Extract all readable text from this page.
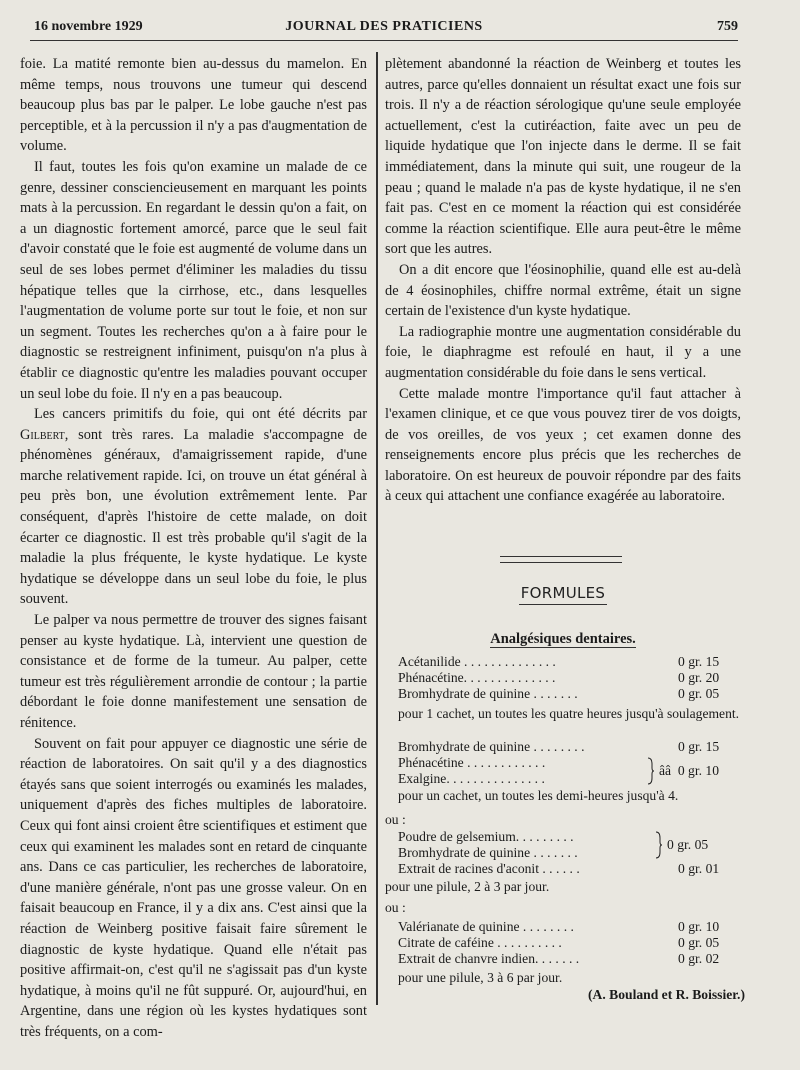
16 novembre 1929	JOURNAL DES PRATICIENS	759

foie. La matité remonte bien au-dessus du mamelon. En même temps, nous trouvons une tumeur qui descend beaucoup plus bas par le palper. Le lobe gauche n'est pas perceptible, et à la percussion il n'y a pas d'augmentation de volume.

Il faut, toutes les fois qu'on examine un malade de ce genre, dessiner consciencieusement en marquant les points mats à la percussion. En regardant le dessin qu'on a fait, on a un diagnostic fortement amorcé, parce que le seul fait d'avoir constaté que le foie est augmenté de volume dans un seul de ses lobes permet d'éliminer les maladies du tissu hépatique telles que la cirrhose, etc., dans lesquelles l'augmentation de volume porte sur tout le foie, et non sur un segment. Toutes les recherches qu'on a à faire pour le diagnostic se restreignent infiniment, puisqu'on n'a plus à établir ce diagnostic qu'entre les maladies pouvant occuper un seul lobe du foie. Il n'y en a pas beaucoup.

Les cancers primitifs du foie, qui ont été décrits par Gilbert, sont très rares. La maladie s'accompagne de phénomènes généraux, d'amaigrissement rapide, d'une marche relativement rapide. Ici, on trouve un état général à peu près bon, une évolution extrêmement lente. Par conséquent, d'après l'histoire de cette malade, on doit écarter ce diagnostic. Il est très probable qu'il s'agit de la maladie la plus fréquente, le kyste hydatique. Le kyste hydatique se développe dans un seul lobe du foie, le plus souvent.

Le palper va nous permettre de trouver des signes faisant penser au kyste hydatique. Là, intervient une question de consistance et de forme de la tumeur. Au palper, cette tumeur est très régulièrement arrondie de contour ; la partie débordant le foie donne manifestement une sensation de rénitence.

Souvent on fait pour appuyer ce diagnostic une série de réaction de laboratoires. On sait qu'il y a des diagnostics étayés sans que soient interrogés ou examinés les malades, uniquement d'après des fiches multiples de laboratoire. Ceux qui font ainsi croient être scientifiques et estiment que ceux qui examinent les malades sont en retard de cinquante ans. Dans ce cas particulier, les recherches de laboratoire, d'une manière générale, n'ont pas une grosse valeur. On en faisait beaucoup en France, il y a dix ans. C'est ainsi que la réaction de Weinberg positive faisait faire sûrement le diagnostic de kyste hydatique. Quand elle n'était pas positive affirmait-on, c'est qu'il ne s'agissait pas d'un kyste hydatique, à moins qu'il ne fût suppuré. Or, aujourd'hui, en Argentine, dans une région où les kystes hydatiques sont très fréquents, on a com-

plètement abandonné la réaction de Weinberg et toutes les autres, parce qu'elles donnaient un résultat exact une fois sur trois. Il n'y a de réaction sérologique qu'une seule employée actuellement, c'est la cutiréaction, faite avec un peu de liquide hydatique que l'on injecte dans le derme. Il se fait immédiatement, dans la minute qui suit, une rougeur de la peau ; quand le malade n'a pas de kyste hydatique, il ne s'en fait pas. C'est en ce moment la réaction qui est considérée comme la réaction scientifique. Elle aura peut-être le même sort que les autres.

On a dit encore que l'éosinophilie, quand elle est au-delà de 4 éosinophiles, chiffre normal extrême, était un signe certain de l'existence d'un kyste hydatique.

La radiographie montre une augmentation considérable du foie, le diaphragme est refoulé en haut, il y a une augmentation considérable du foie dans le sens vertical.

Cette malade montre l'importance qu'il faut attacher à l'examen clinique, et ce que vous pouvez tirer de vos doigts, de vos oreilles, de vos yeux ; cet examen donne des renseignements encore plus précis que les recherches de laboratoire. On est heureux de pouvoir répondre par des faits à ceux qui attachent une confiance exagérée au laboratoire.

FORMULES
Analgésiques dentaires.
Acétanilide . . . . . . . . . . . . . .	0 gr. 15
Phénacétine. . . . . . . . . . . . . .	0 gr. 20
Bromhydrate de quinine . . . . . . .	0 gr. 05
pour 1 cachet, un toutes les quatre heures jusqu'à soulagement.
Bromhydrate de quinine . . . . . . . .	0 gr. 15
Phénacétine . . . . . . . . . . . .
Exalgine. . . . . . . . . . . . . . .
ââ  0 gr. 10
pour un cachet, un toutes les demi-heures jusqu'à 4.
ou :
Poudre de gelsemium. . . . . . . . .
Bromhydrate de quinine . . . . . . .
0 gr. 05
Extrait de racines d'aconit . . . . . .	0 gr. 01
pour une pilule, 2 à 3 par jour.
ou :
Valérianate de quinine . . . . . . . .	0 gr. 10
Citrate de caféine . . . . . . . . . .	0 gr. 05
Extrait de chanvre indien. . . . . . .	0 gr. 02
pour une pilule, 3 à 6 par jour.
(A. Bouland et R. Boissier.)
